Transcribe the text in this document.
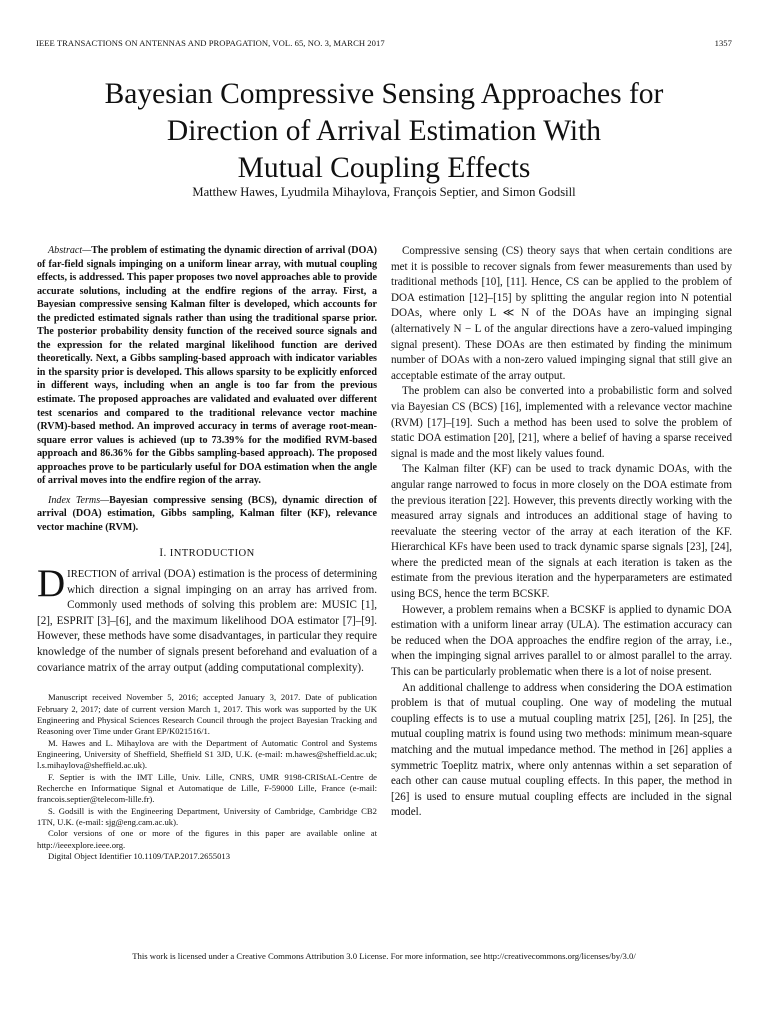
IEEE TRANSACTIONS ON ANTENNAS AND PROPAGATION, VOL. 65, NO. 3, MARCH 2017	1357
Bayesian Compressive Sensing Approaches for
Direction of Arrival Estimation With
Mutual Coupling Effects
Matthew Hawes, Lyudmila Mihaylova, François Septier, and Simon Godsill

Abstract—The problem of estimating the dynamic direction of arrival (DOA) of far-field signals impinging on a uniform linear array, with mutual coupling effects, is addressed. This paper proposes two novel approaches able to provide accurate solutions, including at the endfire regions of the array. First, a Bayesian compressive sensing Kalman filter is developed, which accounts for the predicted estimated signals rather than using the traditional sparse prior. The posterior probability density function of the received source signals and the expression for the related marginal likelihood function are derived theoretically. Next, a Gibbs sampling-based approach with indicator variables in the sparsity prior is developed. This allows sparsity to be explicitly enforced in different ways, including when an angle is too far from the previous estimate. The proposed approaches are validated and evaluated over different test scenarios and compared to the traditional relevance vector machine (RVM)-based method. An improved accuracy in terms of average root-mean-square error values is achieved (up to 73.39% for the modified RVM-based approach and 86.36% for the Gibbs sampling-based approach). The proposed approaches prove to be particularly useful for DOA estimation when the angle of arrival moves into the endfire region of the array.

Index Terms—Bayesian compressive sensing (BCS), dynamic direction of arrival (DOA) estimation, Gibbs sampling, Kalman filter (KF), relevance vector machine (RVM).

I. INTRODUCTION

DIRECTION of arrival (DOA) estimation is the process of determining which direction a signal impinging on an array has arrived from. Commonly used methods of solving this problem are: MUSIC [1], [2], ESPRIT [3]–[6], and the maximum likelihood DOA estimator [7]–[9]. However, these methods have some disadvantages, in particular they require knowledge of the number of signals present beforehand and evaluation of a covariance matrix of the array output (adding computational complexity).

Manuscript received November 5, 2016; accepted January 3, 2017. Date of publication February 2, 2017; date of current version March 1, 2017. This work was supported by the UK Engineering and Physical Sciences Research Council through the project Bayesian Tracking and Reasoning over Time under Grant EP/K021516/1.

M. Hawes and L. Mihaylova are with the Department of Automatic Control and Systems Engineering, University of Sheffield, Sheffield S1 3JD, U.K. (e-mail: m.hawes@sheffield.ac.uk; l.s.mihaylova@sheffield.ac.uk).

F. Septier is with the IMT Lille, Univ. Lille, CNRS, UMR 9198-CRIStAL-Centre de Recherche en Informatique Signal et Automatique de Lille, F-59000 Lille, France (e-mail: francois.septier@telecom-lille.fr).

S. Godsill is with the Engineering Department, University of Cambridge, Cambridge CB2 1TN, U.K. (e-mail: sjg@eng.cam.ac.uk).

Color versions of one or more of the figures in this paper are available online at http://ieeexplore.ieee.org.

Digital Object Identifier 10.1109/TAP.2017.2655013

Compressive sensing (CS) theory says that when certain conditions are met it is possible to recover signals from fewer measurements than used by traditional methods [10], [11]. Hence, CS can be applied to the problem of DOA estimation [12]–[15] by splitting the angular region into N potential DOAs, where only L ≪ N of the DOAs have an impinging signal (alternatively N − L of the angular directions have a zero-valued impinging signal present). These DOAs are then estimated by finding the minimum number of DOAs with a non-zero valued impinging signal that still give an acceptable estimate of the array output.

The problem can also be converted into a probabilistic form and solved via Bayesian CS (BCS) [16], implemented with a relevance vector machine (RVM) [17]–[19]. Such a method has been used to solve the problem of static DOA estimation [20], [21], where a belief of having a sparse received signal is made and the most likely values found.

The Kalman filter (KF) can be used to track dynamic DOAs, with the angular range narrowed to focus in more closely on the DOA estimate from the previous iteration [22]. However, this prevents directly working with the measured array signals and introduces an additional stage of having to reevaluate the steering vector of the array at each iteration of the KF. Hierarchical KFs have been used to track dynamic sparse signals [23], [24], where the predicted mean of the signals at each iteration is taken as the estimate from the previous iteration and the hyperparameters are estimated using BCS, hence the term BCSKF.

However, a problem remains when a BCSKF is applied to dynamic DOA estimation with a uniform linear array (ULA). The estimation accuracy can be reduced when the DOA approaches the endfire region of the array, i.e., when the impinging signal arrives parallel to or almost parallel to the array. This can be particularly problematic when there is a lot of noise present.

An additional challenge to address when considering the DOA estimation problem is that of mutual coupling. One way of modeling the mutual coupling effects is to use a mutual coupling matrix [25], [26]. In [25], the mutual coupling matrix is found using two methods: minimum mean-square matching and the mutual impedance method. The method in [26] applies a symmetric Toeplitz matrix, where only antennas within a set separation of each other can cause mutual coupling effects. In this paper, the method in [26] is used to ensure mutual coupling effects are included in the signal model.

This work is licensed under a Creative Commons Attribution 3.0 License. For more information, see http://creativecommons.org/licenses/by/3.0/
